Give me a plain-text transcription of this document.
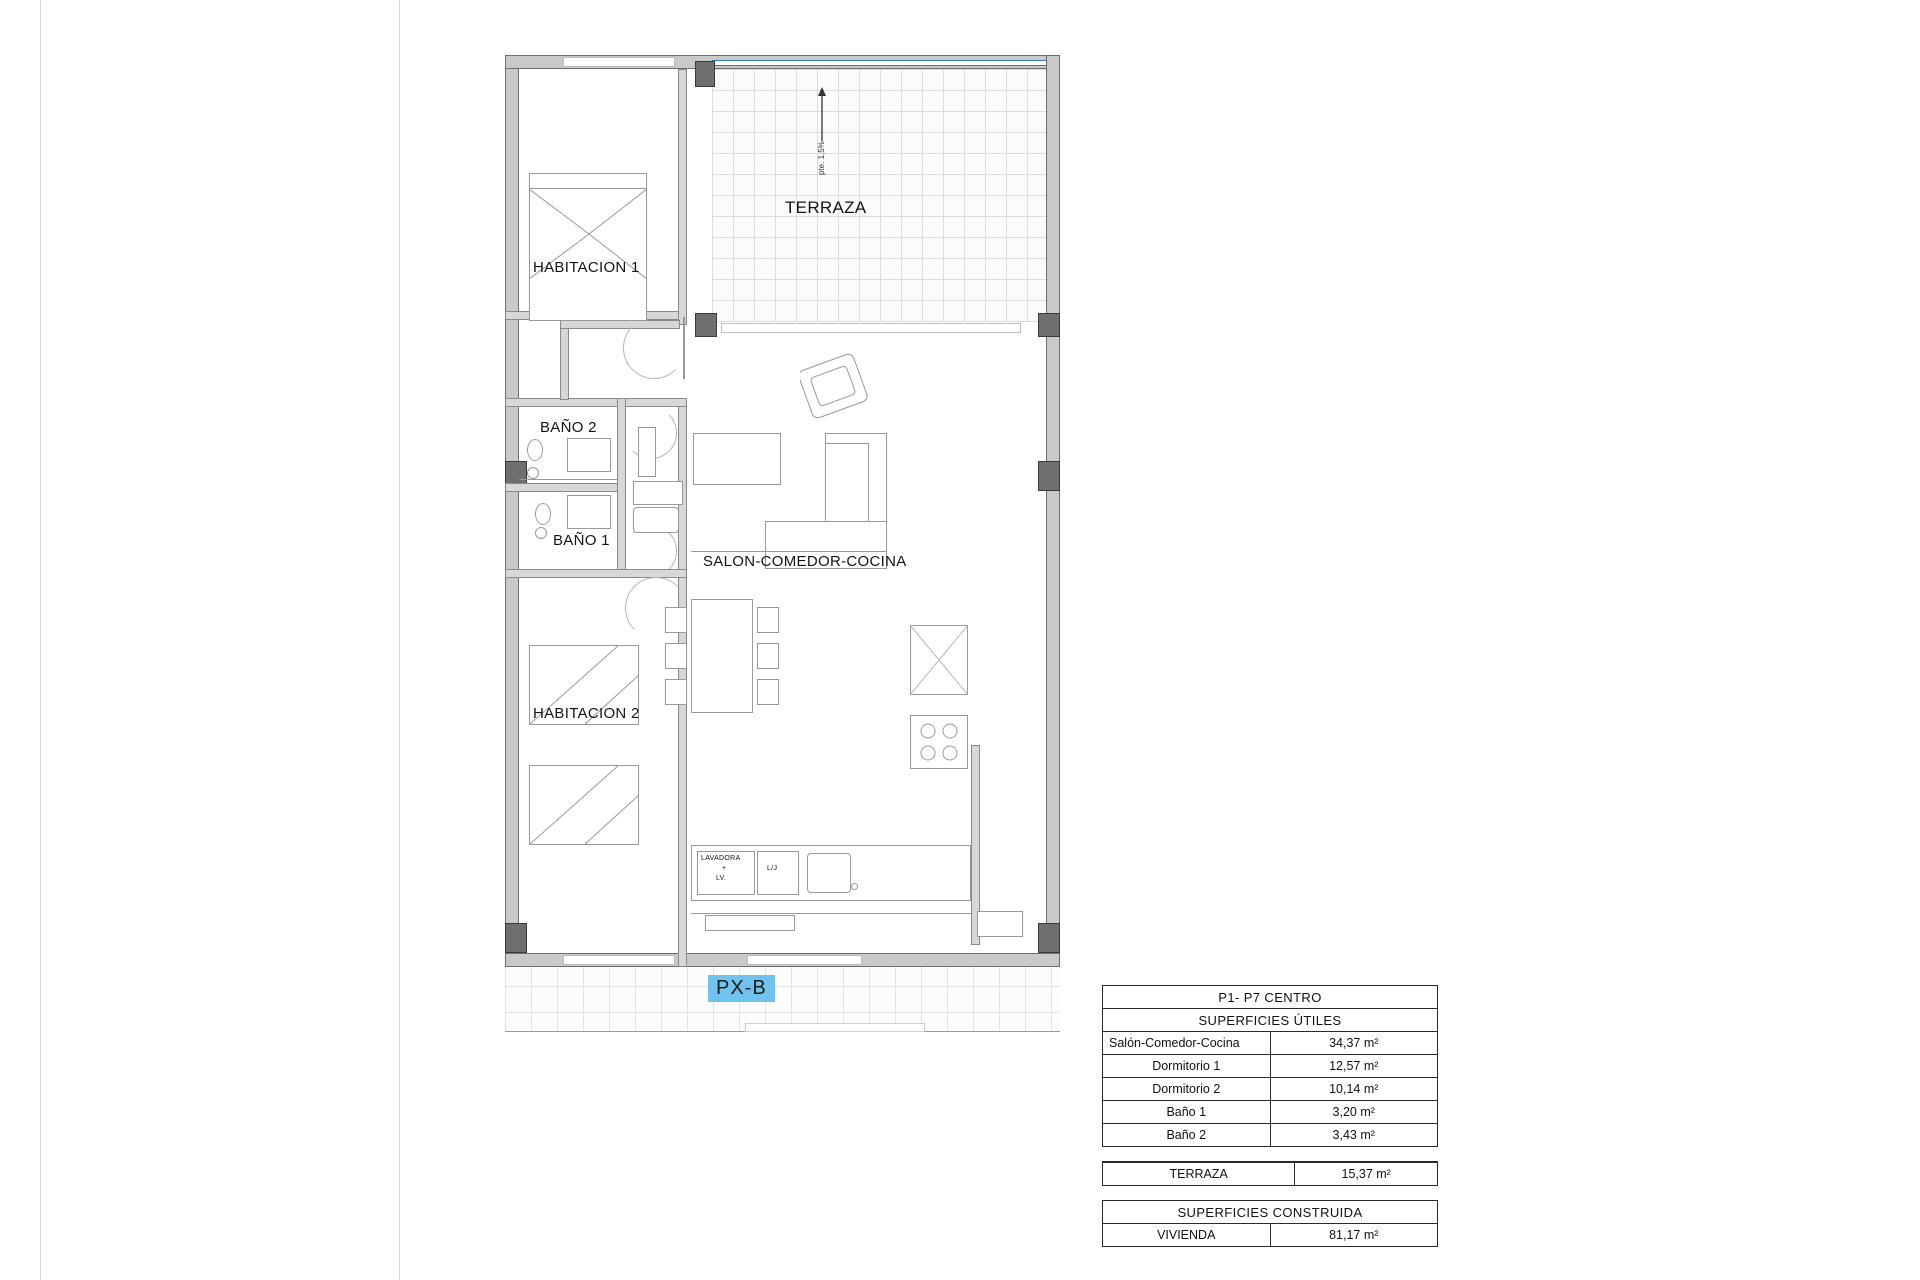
LAVADORA
+
LV.
L/J
pte. 1,5%
HABITACION 1
TERRAZA
BAÑO 2
BAÑO 1
SALON-COMEDOR-COCINA
HABITACION 2
PX-B	P1- P7 CENTRO	
SUPERFICIES ÚTILES	
Salón-Comedor-Cocina	34,37 m²
Dormitorio 1	12,57 m²
Dormitorio 2	10,14 m²
Baño 1	3,20 m²
Baño 2	3,43 m²
TERRAZA	15,37 m²
SUPERFICIES CONSTRUIDA
VIVIENDA	81,17 m²
